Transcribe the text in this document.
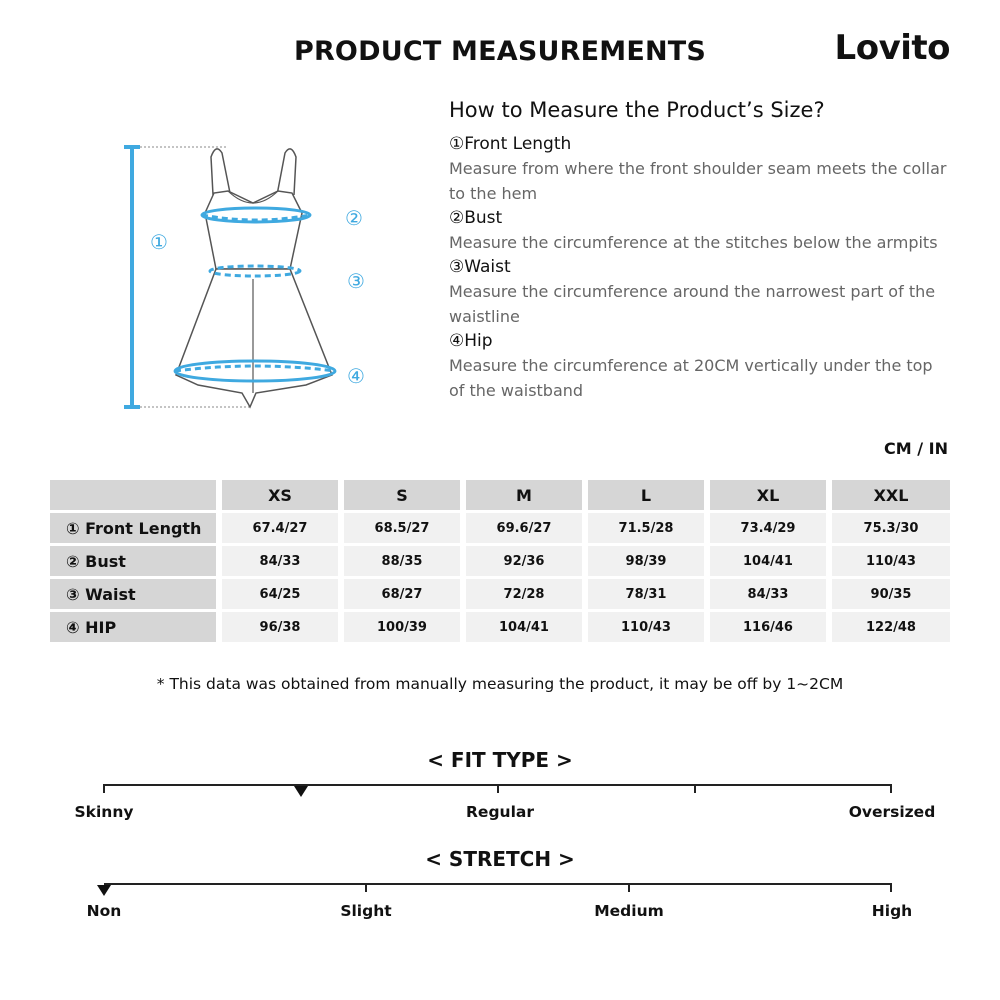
PRODUCT MEASUREMENTS	Lovito
①
②
③
④
How to Measure the Product’s Size?
①Front Length
Measure from where the front shoulder seam meets the collar to the hem
②Bust
Measure the circumference at the stitches below the armpits
③Waist
Measure the circumference around the narrowest part of the waistline
④Hip
Measure the circumference at 20CM vertically under the top of the waistband
CM / IN
		XS		S		M		L		XL		XXL
① Front Length		67.4/27		68.5/27		69.6/27		71.5/28		73.4/29		75.3/30
② Bust		84/33		88/35		92/36		98/39		104/41		110/43
③ Waist		64/25		68/27		72/28		78/31		84/33		90/35
④ HIP		96/38		100/39		104/41		110/43		116/46		122/48
* This data was obtained from manually measuring the product, it may be off by 1~2CM
< FIT TYPE >
Skinny	Regular	Oversized
< STRETCH >
Non	Slight	Medium	High
